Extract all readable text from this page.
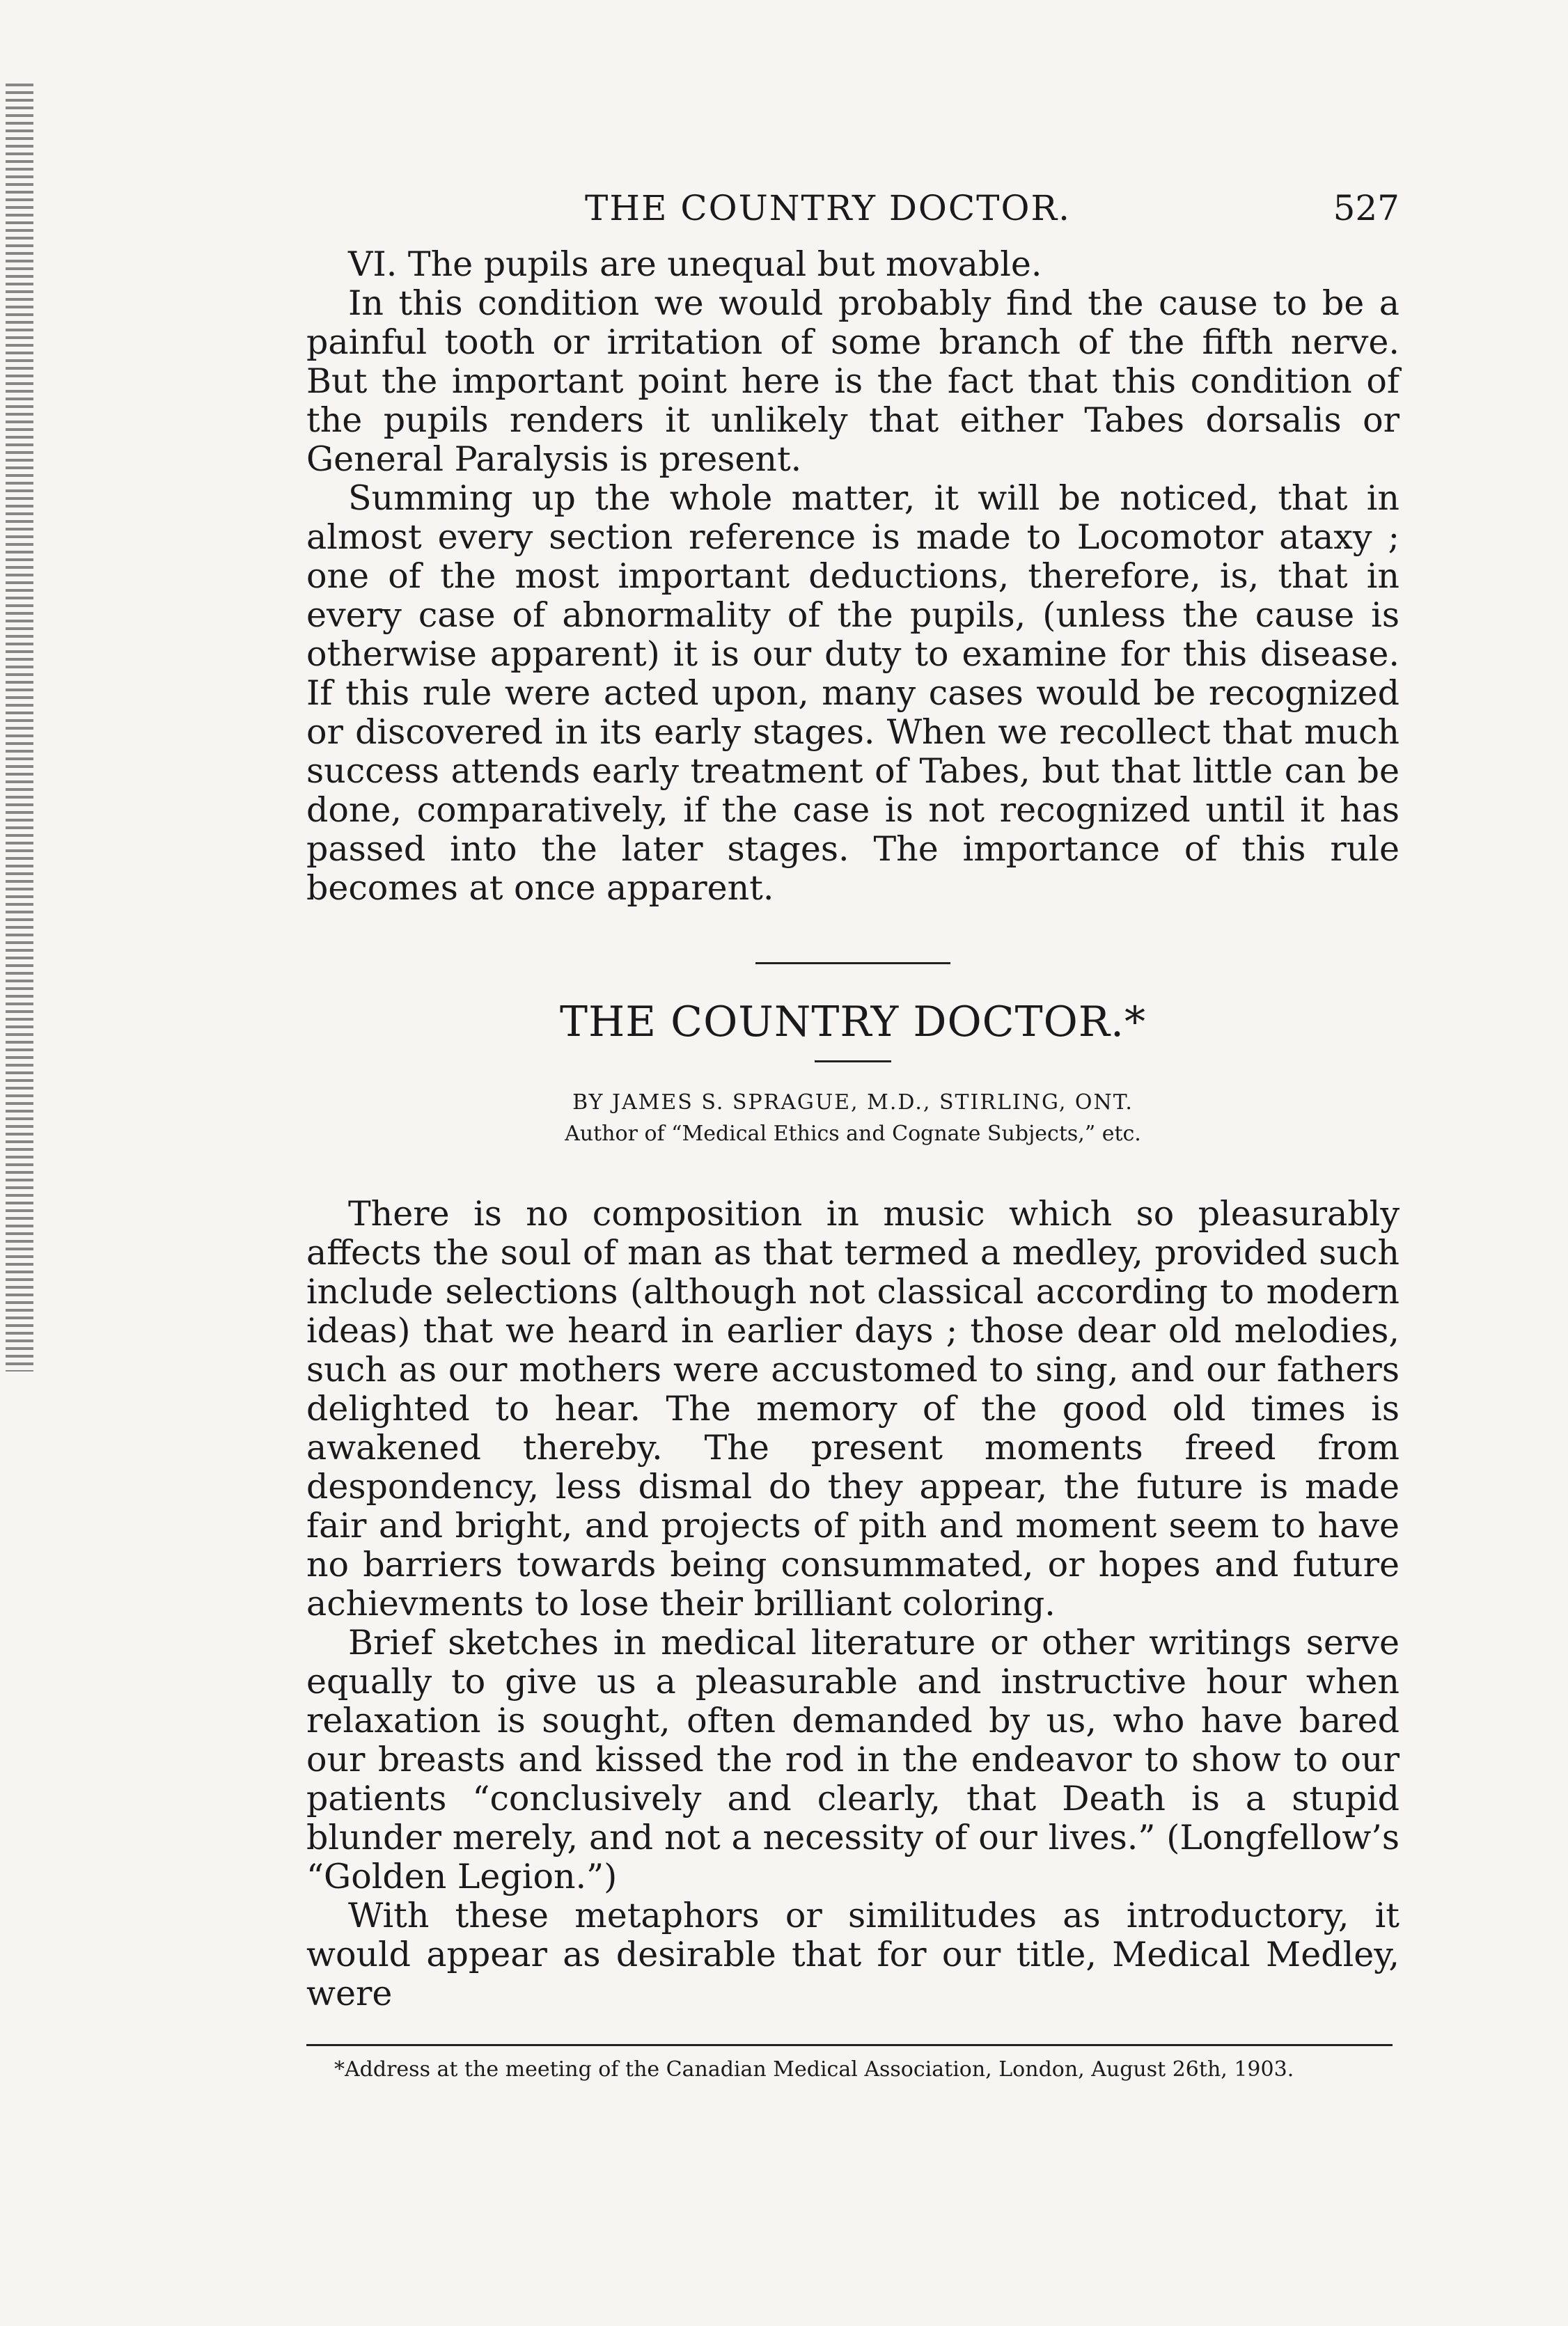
THE COUNTRY DOCTOR.	527

VI. The pupils are unequal but movable.

In this condition we would probably find the cause to be a painful tooth or irritation of some branch of the fifth nerve. But the important point here is the fact that this condition of the pupils renders it unlikely that either Tabes dorsalis or General Paralysis is present.

Summing up the whole matter, it will be noticed, that in almost every section reference is made to Locomotor ataxy ; one of the most important deductions, therefore, is, that in every case of abnormality of the pupils, (unless the cause is otherwise apparent) it is our duty to examine for this disease. If this rule were acted upon, many cases would be recognized or discovered in its early stages. When we recollect that much success attends early treatment of Tabes, but that little can be done, comparatively, if the case is not recognized until it has passed into the later stages. The importance of this rule becomes at once apparent.

THE COUNTRY DOCTOR.*

BY JAMES S. SPRAGUE, M.D., STIRLING, ONT.

Author of “Medical Ethics and Cognate Subjects,” etc.

There is no composition in music which so pleasurably affects the soul of man as that termed a medley, provided such include selections (although not classical according to modern ideas) that we heard in earlier days ; those dear old melodies, such as our mothers were accustomed to sing, and our fathers delighted to hear. The memory of the good old times is awakened thereby. The present moments freed from despondency, less dismal do they appear, the future is made fair and bright, and projects of pith and moment seem to have no barriers towards being consummated, or hopes and future achievments to lose their brilliant coloring.

Brief sketches in medical literature or other writings serve equally to give us a pleasurable and instructive hour when relaxation is sought, often demanded by us, who have bared our breasts and kissed the rod in the endeavor to show to our patients “conclusively and clearly, that Death is a stupid blunder merely, and not a necessity of our lives.” (Longfellow’s “Golden Legion.”)

With these metaphors or similitudes as introductory, it would appear as desirable that for our title, Medical Medley, were

*Address at the meeting of the Canadian Medical Association, London, August 26th, 1903.
